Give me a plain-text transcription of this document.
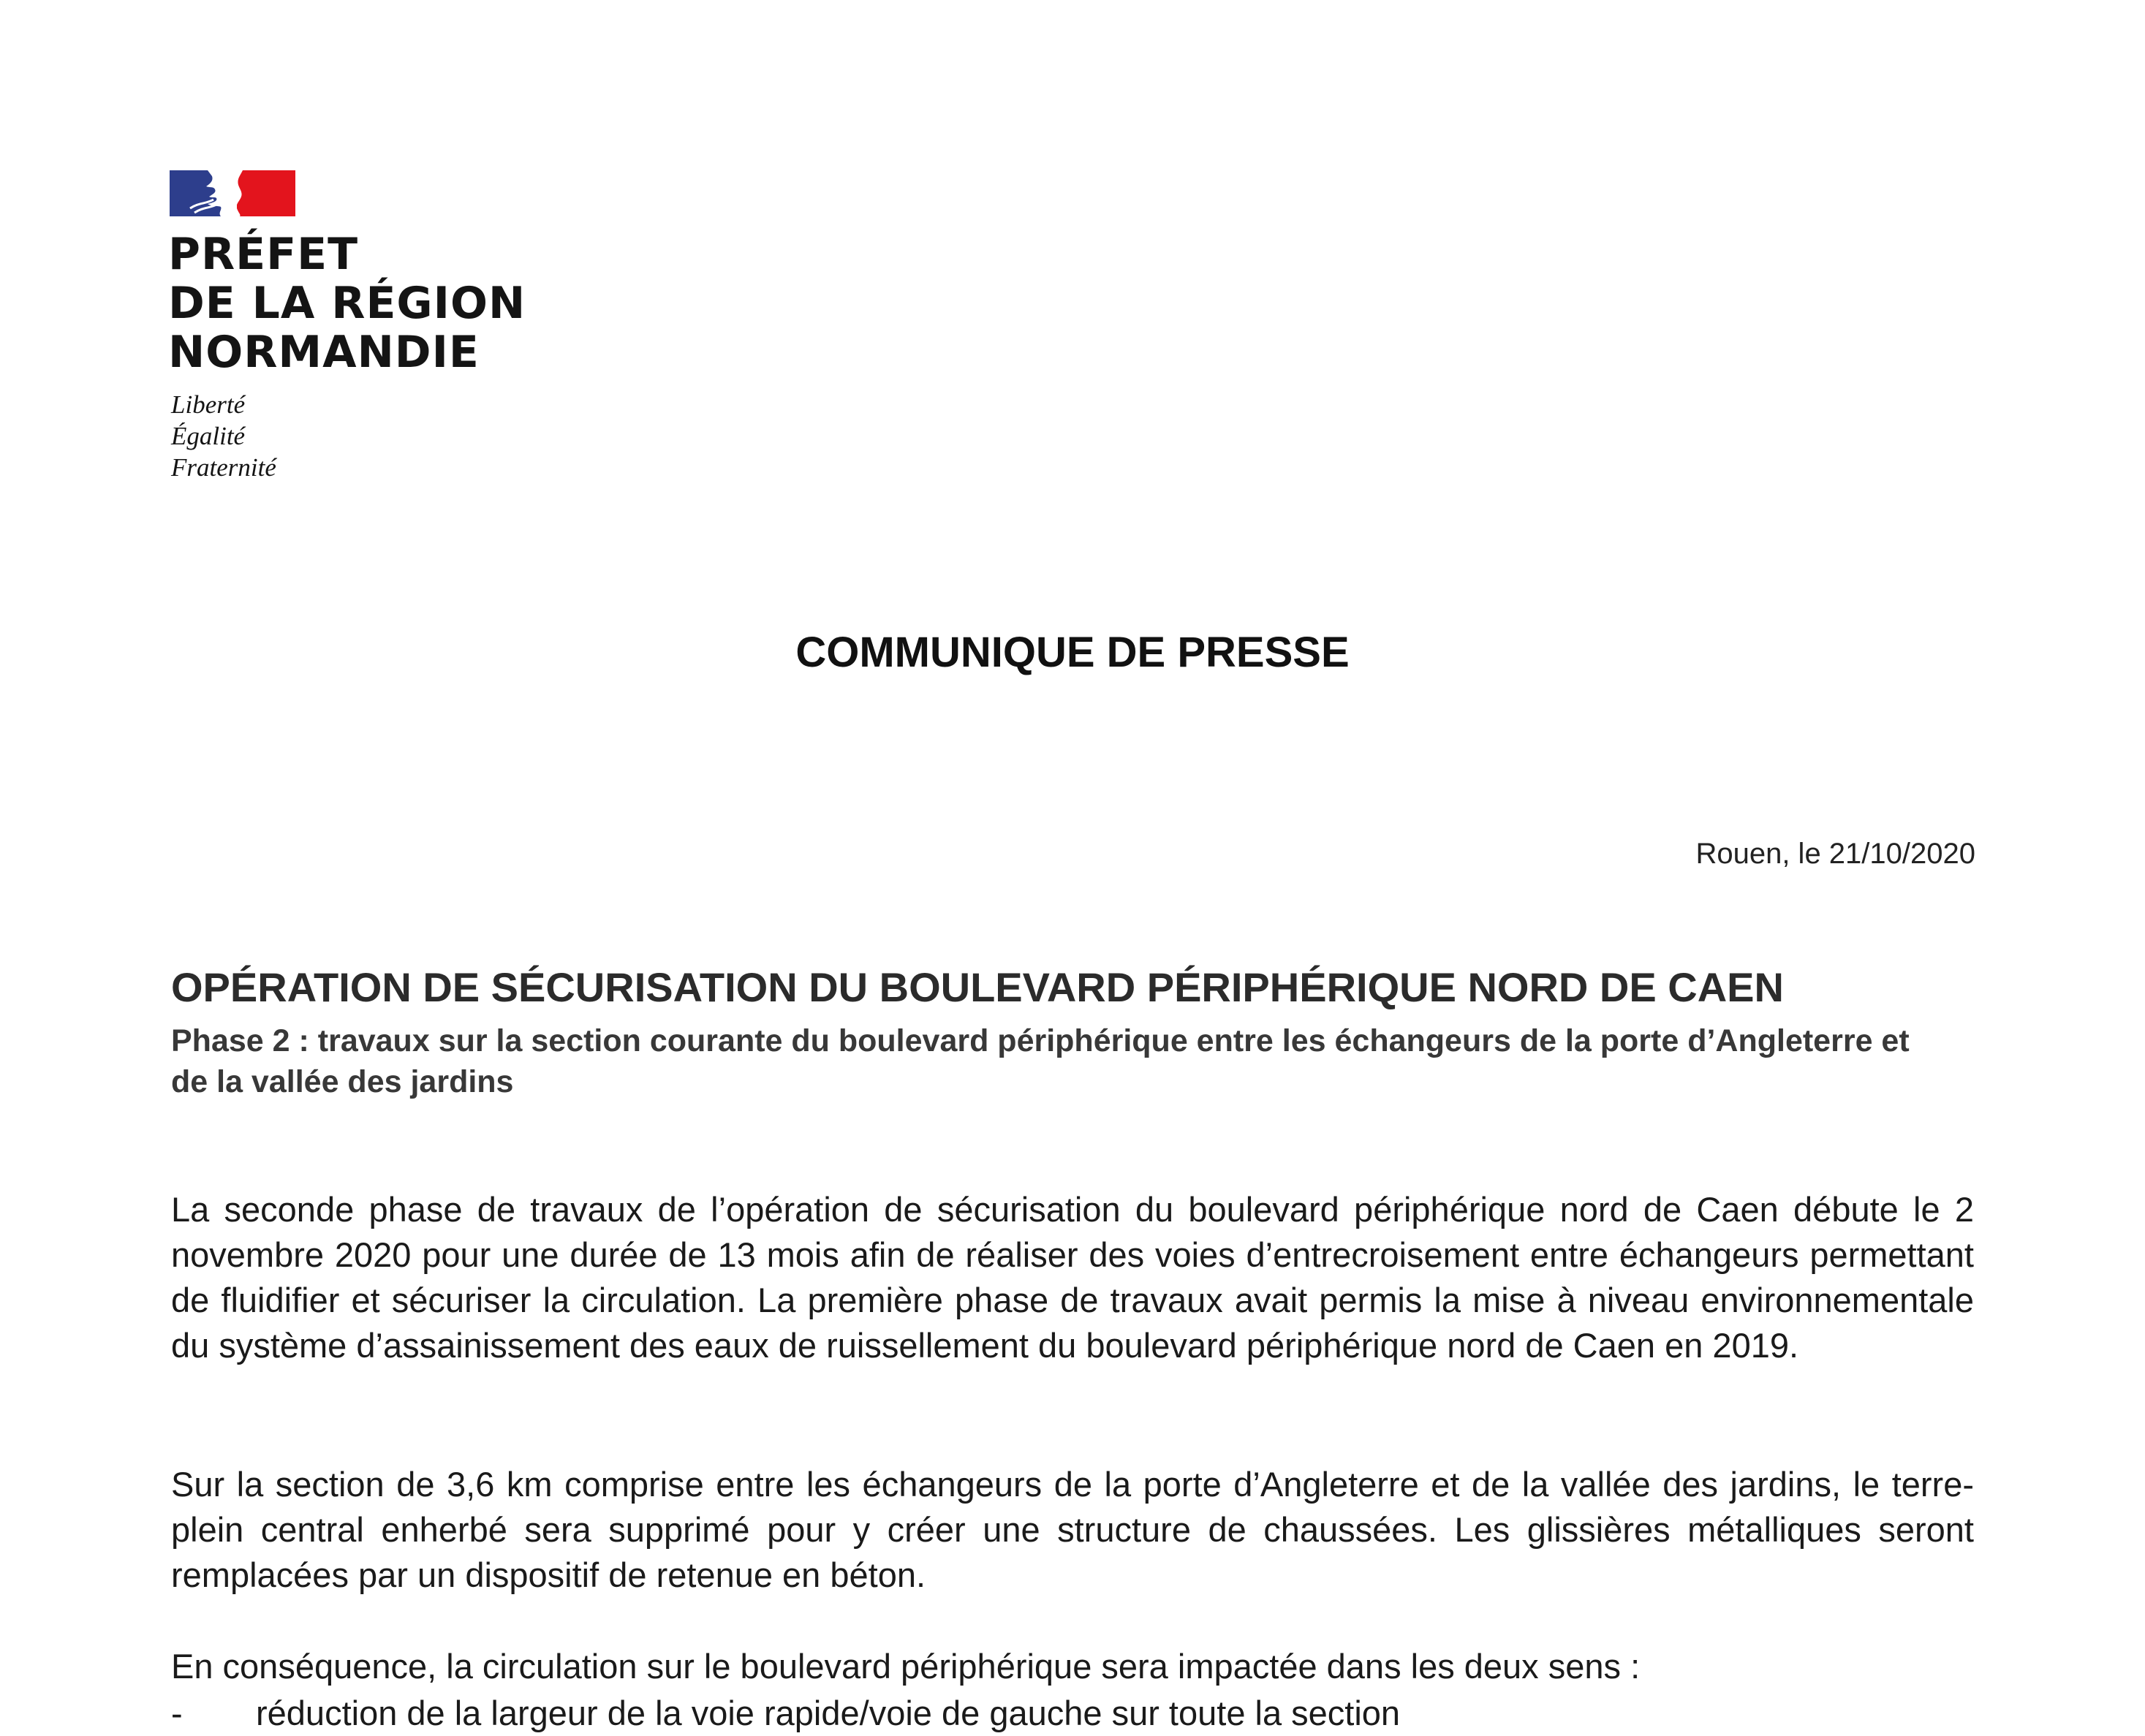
PRÉFET
DE LA RÉGION
NORMANDIE
Liberté
Égalité
Fraternité
COMMUNIQUE DE PRESSE

Rouen, le 21/10/2020

OPÉRATION DE SÉCURISATION DU BOULEVARD PÉRIPHÉRIQUE NORD DE CAEN
Phase 2 : travaux sur la section courante du boulevard périphérique entre les échangeurs de la porte d’Angleterre et de la vallée des jardins

La seconde phase de travaux de l’opération de sécurisation du boulevard périphérique nord de Caen débute le 2 novembre 2020 pour une durée de 13 mois afin de réaliser des voies d’entrecroisement entre échangeurs permettant de fluidifier et sécuriser la circulation. La première phase de travaux avait permis la mise à niveau environnementale du système d’assainissement des eaux de ruissellement du boulevard périphérique nord de Caen en 2019.

Sur la section de 3,6 km comprise entre les échangeurs de la porte d’Angleterre et de la vallée des jardins, le terre-plein central enherbé sera supprimé pour y créer une structure de chaussées. Les glissières métalliques seront remplacées par un dispositif de retenue en béton.

En conséquence, la circulation sur le boulevard périphérique sera impactée dans les deux sens :

- réduction de la largeur de la voie rapide/voie de gauche sur toute la section
